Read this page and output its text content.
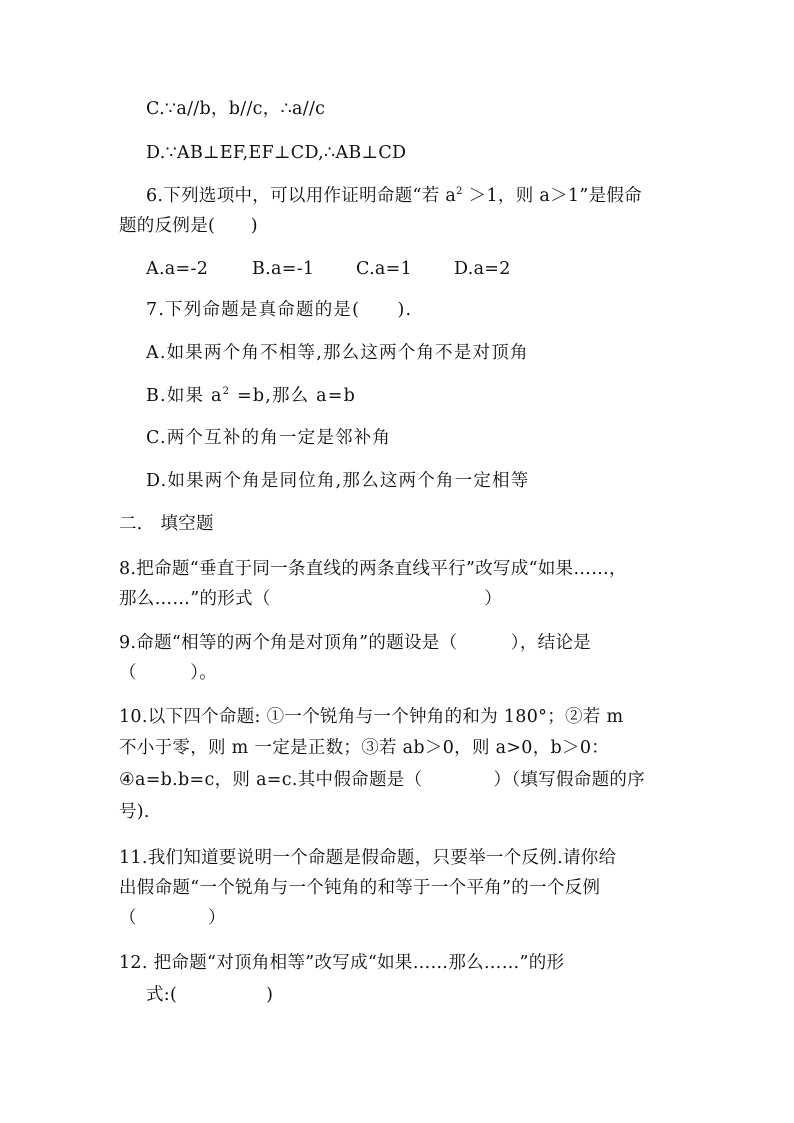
C.∵a//b，b//c，∴a//c

D.∵AB⊥EF,EF⊥CD,∴AB⊥CD

6.下列选项中，可以用作证明命题“若 $a^2 >1$，则 a＞1”是假命

题的反例是(　　)

A.a=-2	B.a=-1 C.a=1 D.a=2

7.下列命题是真命题的是(　　).

A.如果两个角不相等,那么这两个角不是对顶角

B.如果 $a^2 =b$,那么 a=b

C.两个互补的角一定是邻补角

D.如果两个角是同位角,那么这两个角一定相等

二． 填空题

8.把命题“垂直于同一条直线的两条直线平行”改写成“如果……，

那么……”的形式（　　　　　　　　　　　　）

9.命题“相等的两个角是对顶角”的题设是（　　　），结论是

（　　　）。

10.以下四个命题: ①一个锐角与一个钟角的和为 180°；②若 m

不小于零，则 m 一定是正数；③若 ab＞0，则 a>0，b＞0：

④a=b.b=c，则 a=c.其中假命题是（　　　　）（填写假命题的序

号).

11.我们知道要说明一个命题是假命题，只要举一个反例.请你给

出假命题“一个锐角与一个钝角的和等于一个平角”的一个反例

（　　　　）

12. 把命题“对顶角相等”改写成“如果……那么……”的形

式:(　　　　　)
